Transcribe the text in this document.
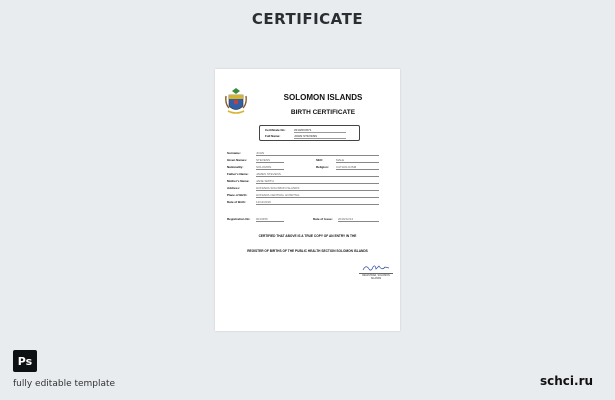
CERTIFICATE
SOLOMON ISLANDS
BIRTH CERTIFICATE
Certificate No:	2019/004571
Full Name:	JOHN STEVENS
Surname:	JOHN
Given Names:	STEVENS	SEX:	MALE
Nationality:	SOLOMON	Religion: CATHOLICISM
Father's Name: JAMES STEVENS
Mother's Name: JANE SMITH
Address:	HONIARA SOLOMON ISLANDS
Place of Birth:	HONIARA CENTRAL HOSPITAL
Date of Birth:	12/11/2019
Registration No: 0013456	Date of Issue: 2019/12/14
CERTIFIED THAT ABOVE IS A TRUE COPY OF AN ENTRY IN THE
REGISTER OF BIRTHS OF THE PUBLIC HEALTH SECTION SOLOMON ISLANDS
REGISTRAR, SOLOMON ISLANDS
Ps
fully editable template	schci.ru
